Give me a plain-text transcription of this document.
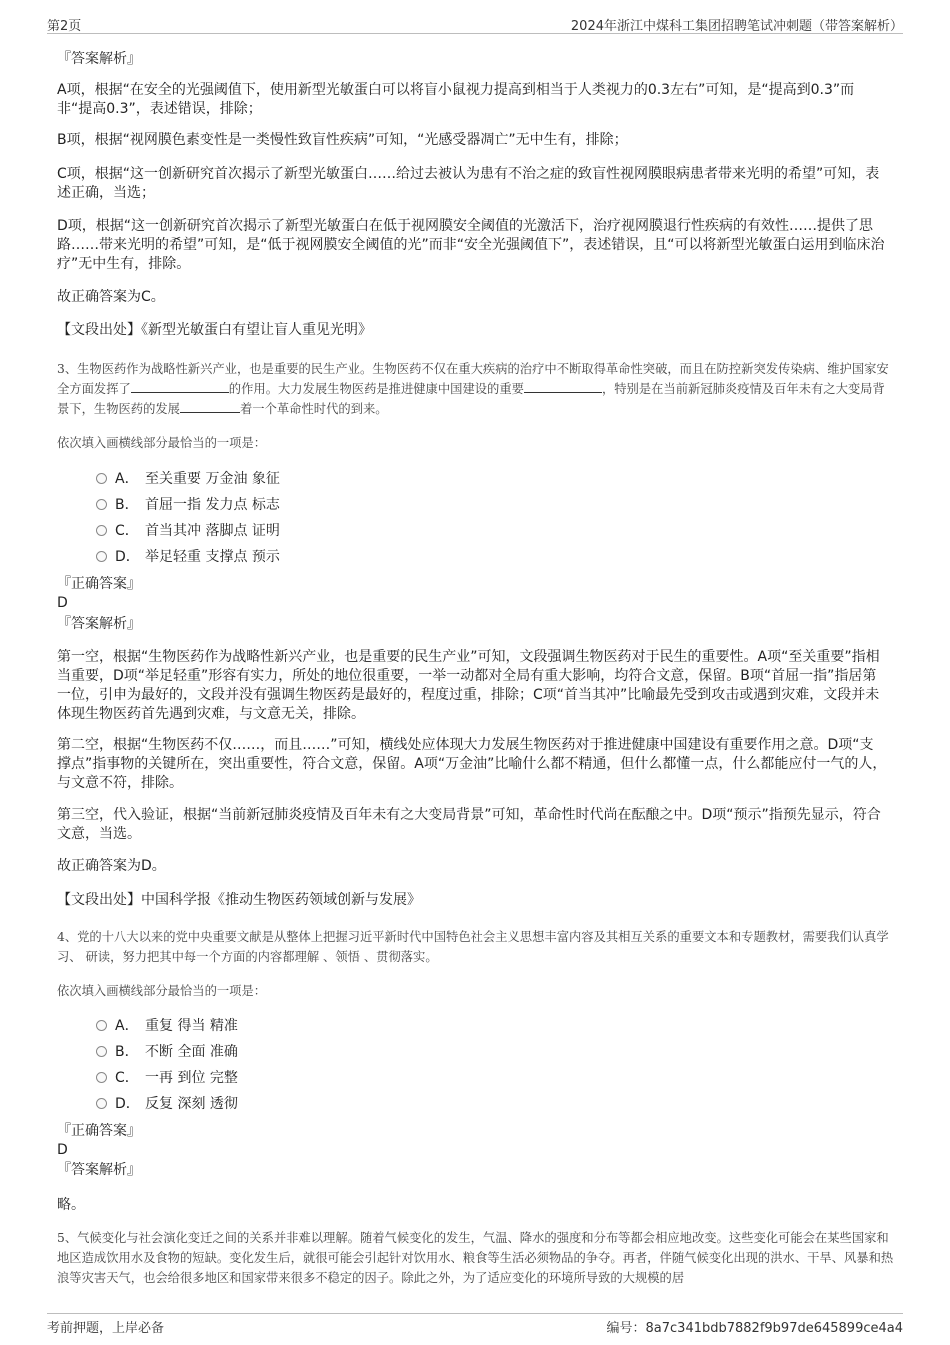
第2页	2024年浙江中煤科工集团招聘笔试冲刺题（带答案解析）
『答案解析』
A项，根据“在安全的光强阈值下，使用新型光敏蛋白可以将盲小鼠视力提高到相当于人类视力的0.3左右”可知，是“提高到0.3”而非“提高0.3”，表述错误，排除；
B项，根据“视网膜色素变性是一类慢性致盲性疾病”可知，“光感受器凋亡”无中生有，排除；
C项，根据“这一创新研究首次揭示了新型光敏蛋白……给过去被认为患有不治之症的致盲性视网膜眼病患者带来光明的希望”可知，表述正确，当选；
D项，根据“这一创新研究首次揭示了新型光敏蛋白在低于视网膜安全阈值的光激活下，治疗视网膜退行性疾病的有效性……提供了思路……带来光明的希望”可知，是“低于视网膜安全阈值的光”而非“安全光强阈值下”，表述错误，且“可以将新型光敏蛋白运用到临床治疗”无中生有，排除。
故正确答案为C。
【文段出处】《新型光敏蛋白有望让盲人重见光明》
3、生物医药作为战略性新兴产业，也是重要的民生产业。生物医药不仅在重大疾病的治疗中不断取得革命性突破，而且在防控新突发传染病、维护国家安全方面发挥了	的作用。大力发展生物医药是推进健康中国建设的重要	，特别是在当前新冠肺炎疫情及百年未有之大变局背景下，生物医药的发展	着一个革命性时代的到来。
依次填入画横线部分最恰当的一项是：
A． 至关重要 万金油 象征
B． 首屈一指 发力点 标志
C． 首当其冲 落脚点 证明
D． 举足轻重 支撑点 预示
『正确答案』
D
『答案解析』
第一空，根据“生物医药作为战略性新兴产业，也是重要的民生产业”可知，文段强调生物医药对于民生的重要性。A项“至关重要”指相当重要，D项“举足轻重”形容有实力，所处的地位很重要，一举一动都对全局有重大影响，均符合文意，保留。B项“首屈一指”指居第一位，引申为最好的，文段并没有强调生物医药是最好的，程度过重，排除；C项“首当其冲”比喻最先受到攻击或遇到灾难，文段并未体现生物医药首先遇到灾难，与文意无关，排除。
第二空，根据“生物医药不仅……，而且……”可知，横线处应体现大力发展生物医药对于推进健康中国建设有重要作用之意。D项“支撑点”指事物的关键所在，突出重要性，符合文意，保留。A项“万金油”比喻什么都不精通，但什么都懂一点，什么都能应付一气的人，与文意不符，排除。
第三空，代入验证，根据“当前新冠肺炎疫情及百年未有之大变局背景”可知，革命性时代尚在酝酿之中。D项“预示”指预先显示，符合文意，当选。
故正确答案为D。
【文段出处】中国科学报《推动生物医药领域创新与发展》
4、党的十八大以来的党中央重要文献是从整体上把握习近平新时代中国特色社会主义思想丰富内容及其相互关系的重要文本和专题教材，需要我们认真学习、 研读，努力把其中每一个方面的内容都理解 、领悟 、贯彻落实。
依次填入画横线部分最恰当的一项是：
A． 重复 得当 精准
B． 不断 全面 准确
C． 一再 到位 完整
D． 反复 深刻 透彻
『正确答案』
D
『答案解析』
略。
5、气候变化与社会演化变迁之间的关系并非难以理解。随着气候变化的发生，气温、降水的强度和分布等都会相应地改变。这些变化可能会在某些国家和地区造成饮用水及食物的短缺。变化发生后，就很可能会引起针对饮用水、粮食等生活必须物品的争夺。再者，伴随气候变化出现的洪水、干旱、风暴和热浪等灾害天气，也会给很多地区和国家带来很多不稳定的因子。除此之外，为了适应变化的环境所导致的大规模的居
考前押题，上岸必备	编号：8a7c341bdb7882f9b97de645899ce4a4
